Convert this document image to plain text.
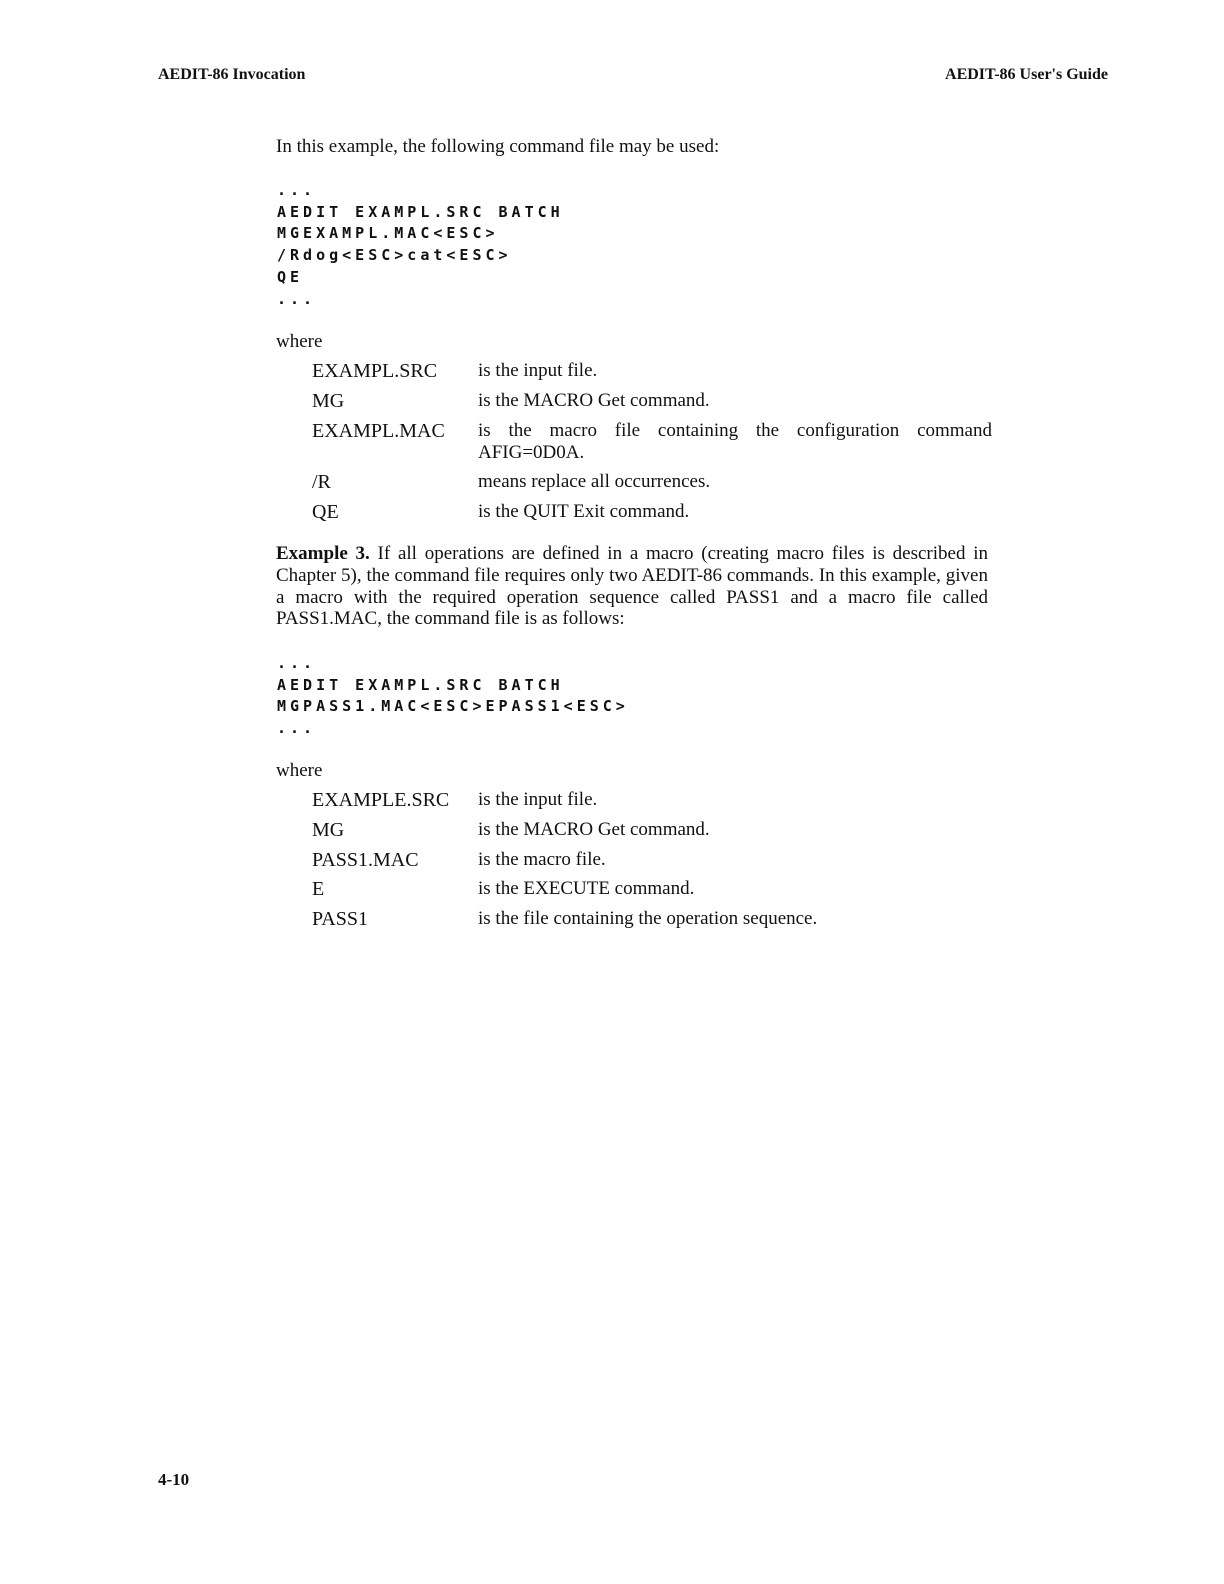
AEDIT-86 Invocation	AEDIT-86 User's Guide
In this example, the following command file may be used:
...
AEDIT EXAMPL.SRC BATCH
MGEXAMPL.MAC<ESC>
/Rdog<ESC>cat<ESC>
QE
...
where
EXAMPL.SRC	is the input file.
MG	is the MACRO Get command.
EXAMPL.MAC	is the macro file containing the configuration command AFIG=0D0A.
/R	means replace all occurrences.
QE	is the QUIT Exit command.
Example 3. If all operations are defined in a macro (creating macro files is described in Chapter 5), the command file requires only two AEDIT-86 commands. In this example, given a macro with the required operation sequence called PASS1 and a macro file called PASS1.MAC, the command file is as follows:
...
AEDIT EXAMPL.SRC BATCH
MGPASS1.MAC<ESC>EPASS1<ESC>
...
where
EXAMPLE.SRC	is the input file.
MG	is the MACRO Get command.
PASS1.MAC	is the macro file.
E	is the EXECUTE command.
PASS1	is the file containing the operation sequence.
4-10
